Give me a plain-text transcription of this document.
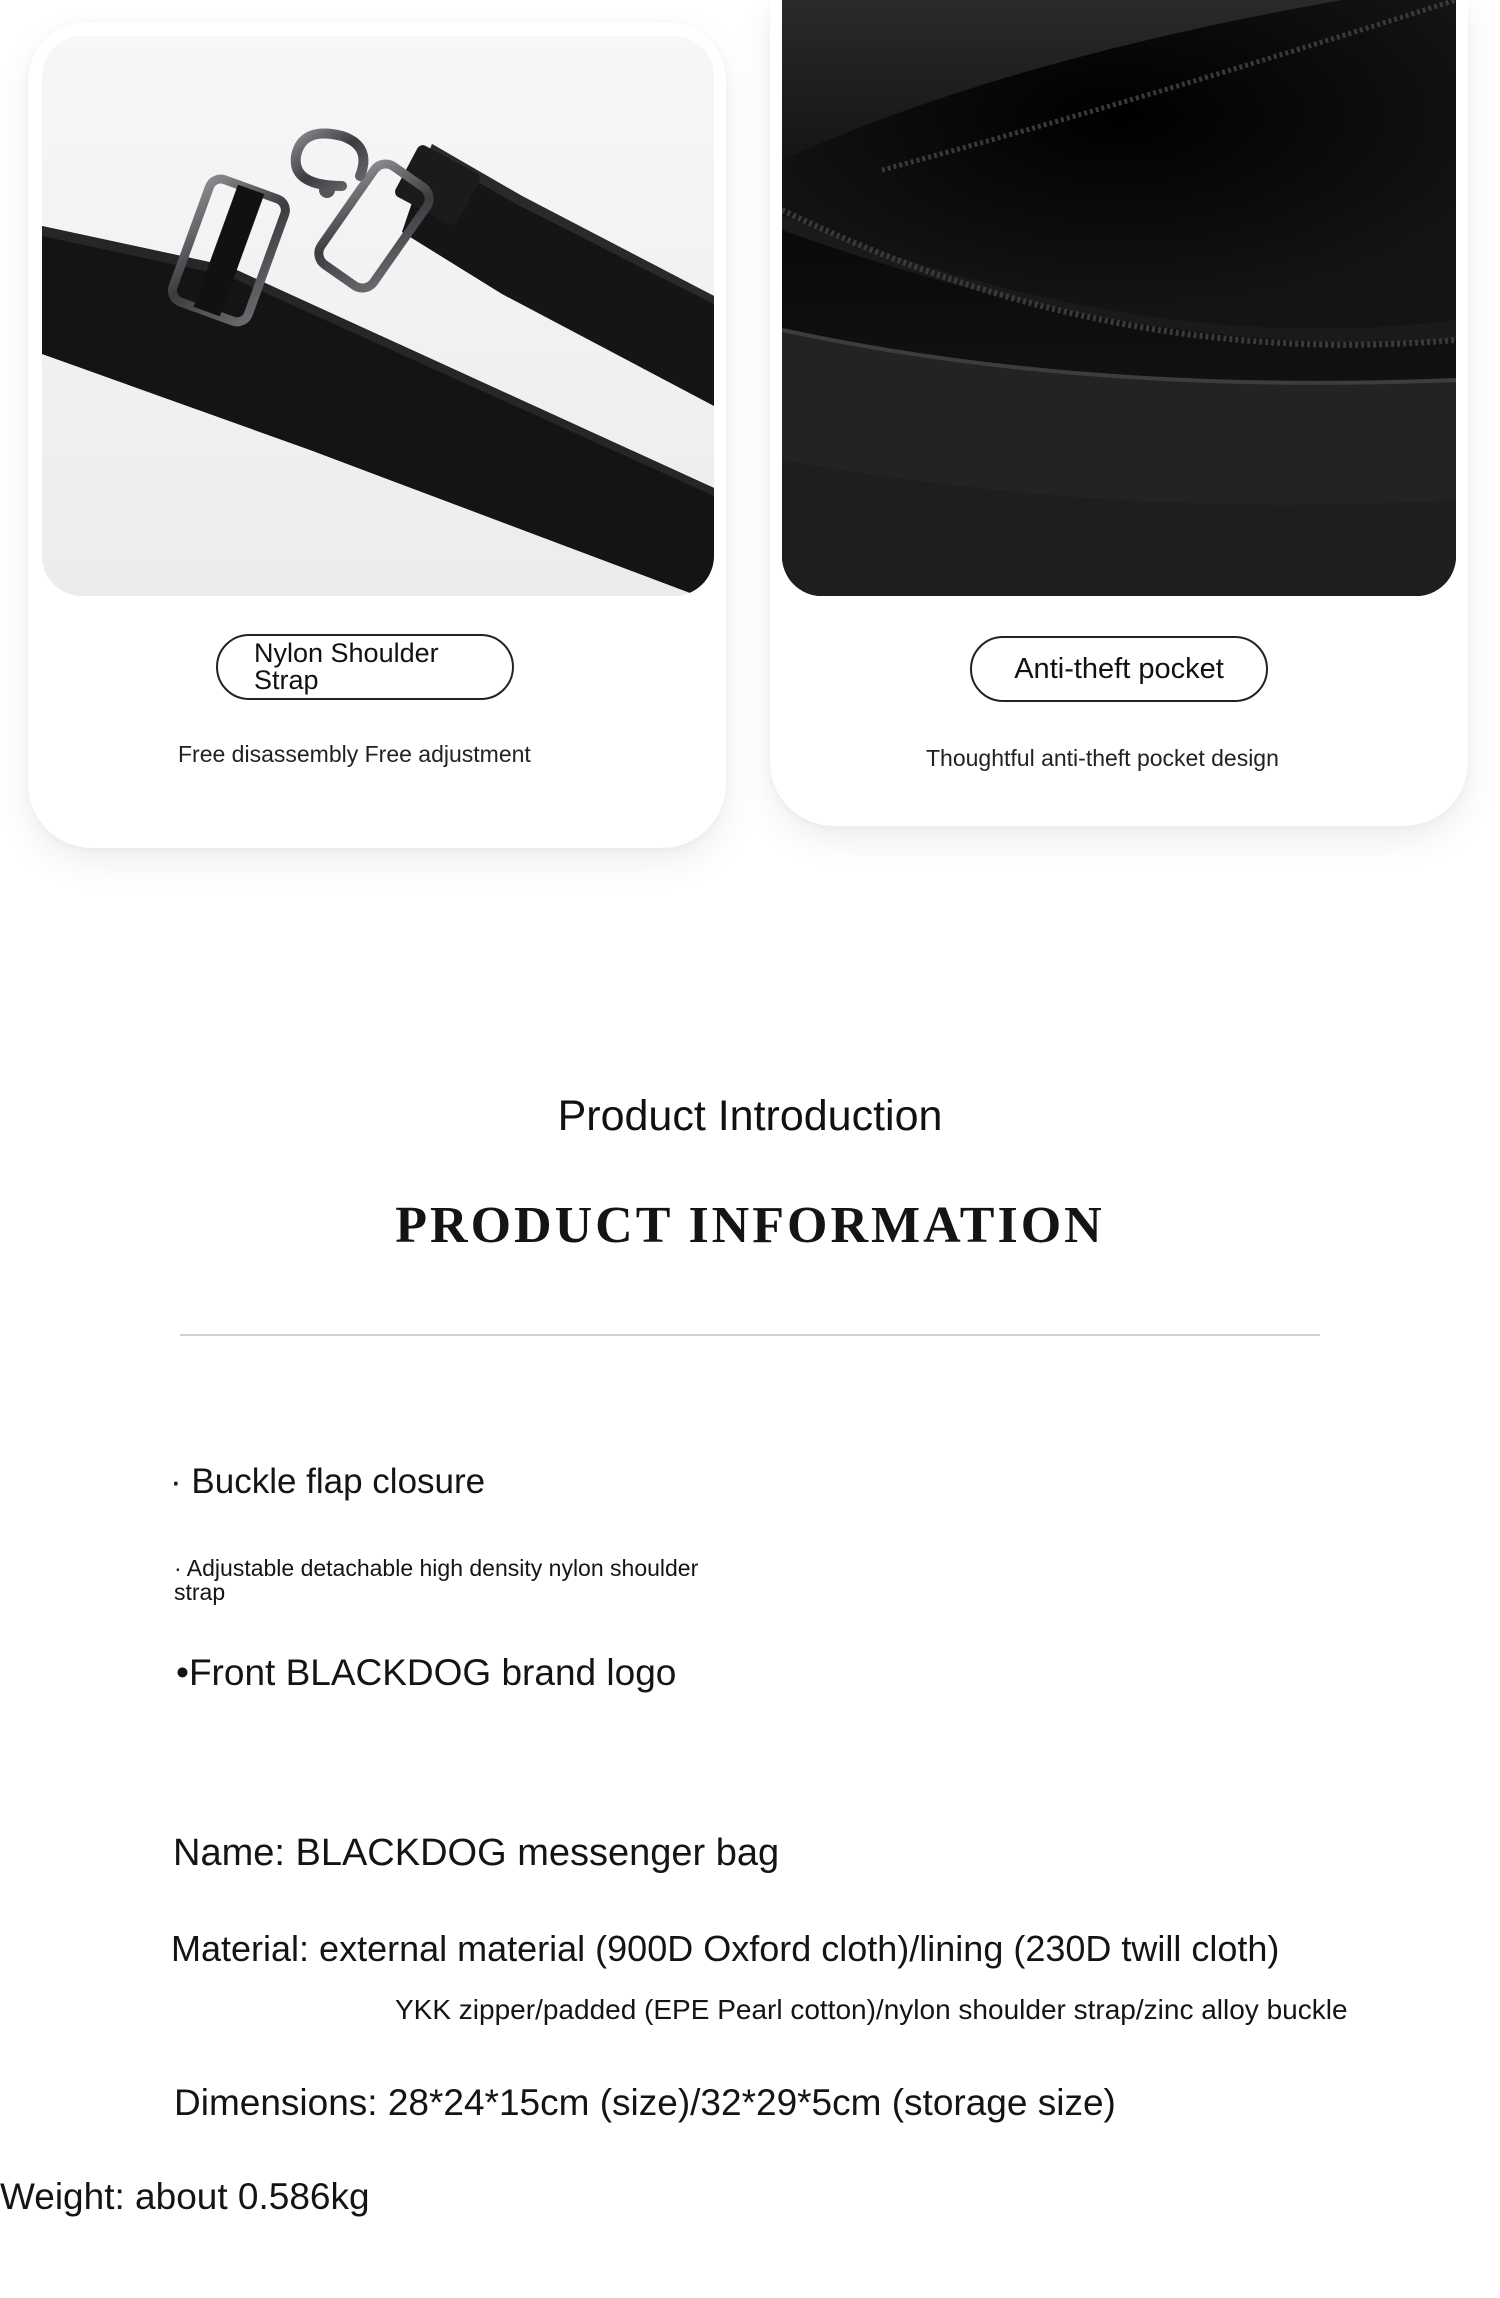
Nylon Shoulder Strap
Free disassembly Free adjustment
Anti-theft pocket
Thoughtful anti-theft pocket design
Product Introduction
PRODUCT INFORMATION
· Buckle flap closure
· Adjustable detachable high density nylon shoulder strap
•Front BLACKDOG brand logo
Name: BLACKDOG messenger bag
Material: external material (900D Oxford cloth)/lining (230D twill cloth)
YKK zipper/padded (EPE Pearl cotton)/nylon shoulder strap/zinc alloy buckle
Dimensions: 28*24*15cm (size)/32*29*5cm (storage size)
Weight: about 0.586kg
